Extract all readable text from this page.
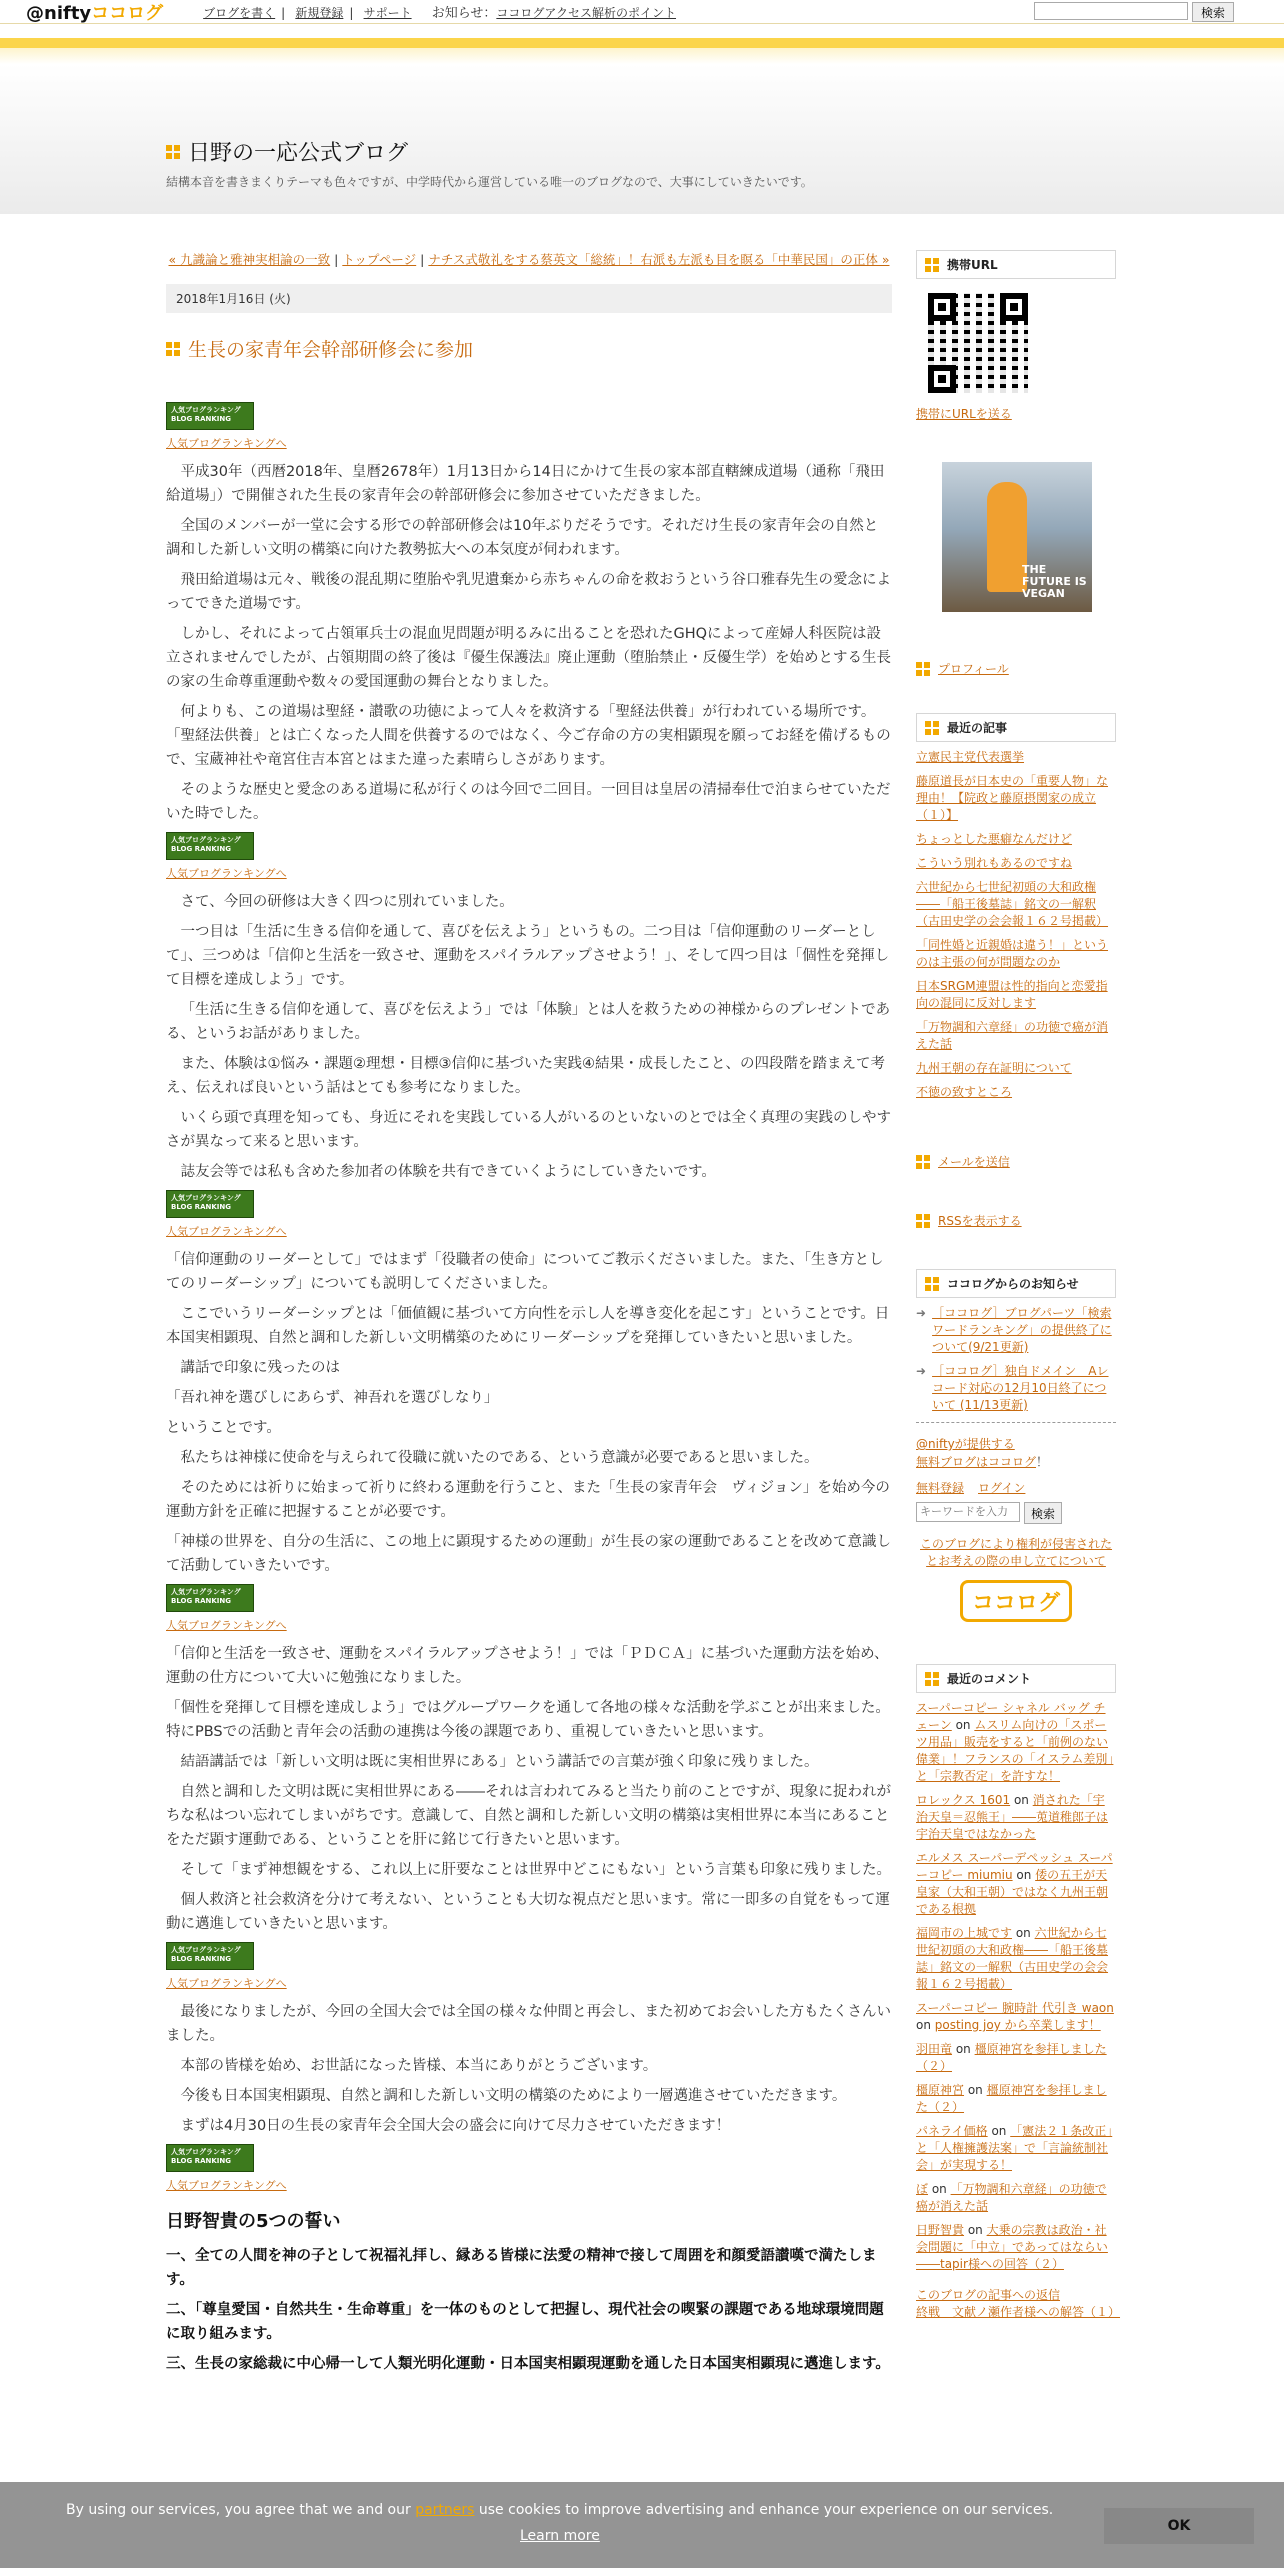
@niftyココログ	ブログを書く | 新規登録 | サポート お知らせ：ココログアクセス解析のポイント	検索
日野の一応公式ブログ
結構本音を書きまくりテーマも色々ですが、中学時代から運営している唯一のブログなので、大事にしていきたいです。
« 九識論と雅神実相論の一致 | トップページ | ナチス式敬礼をする蔡英文「総統」！右派も左派も目を瞑る「中華民国」の正体 »
2018年1月16日 (火)
生長の家青年会幹部研修会に参加
人気ブログランキング
BLOG RANKING
人気ブログランキングへ

平成30年（西暦2018年、皇暦2678年）1月13日から14日にかけて生長の家本部直轄練成道場（通称「飛田給道場」）で開催された生長の家青年会の幹部研修会に参加させていただきました。

全国のメンバーが一堂に会する形での幹部研修会は10年ぶりだそうです。それだけ生長の家青年会の自然と調和した新しい文明の構築に向けた教勢拡大への本気度が伺われます。

飛田給道場は元々、戦後の混乱期に堕胎や乳児遺棄から赤ちゃんの命を救おうという谷口雅春先生の愛念によってできた道場です。

しかし、それによって占領軍兵士の混血児問題が明るみに出ることを恐れたGHQによって産婦人科医院は設立されませんでしたが、占領期間の終了後は『優生保護法』廃止運動（堕胎禁止・反優生学）を始めとする生長の家の生命尊重運動や数々の愛国運動の舞台となりました。

何よりも、この道場は聖経・讃歌の功徳によって人々を救済する「聖経法供養」が行われている場所です。「聖経法供養」とは亡くなった人間を供養するのではなく、今ご存命の方の実相顕現を願ってお経を備げるもので、宝蔵神社や竜宮住吉本宮とはまた違った素晴らしさがあります。

そのような歴史と愛念のある道場に私が行くのは今回で二回目。一回目は皇居の清掃奉仕で泊まらせていただいた時でした。

人気ブログランキング
BLOG RANKING
人気ブログランキングへ

さて、今回の研修は大きく四つに別れていました。

一つ目は「生活に生きる信仰を通して、喜びを伝えよう」というもの。二つ目は「信仰運動のリーダーとして」、三つめは「信仰と生活を一致させ、運動をスパイラルアップさせよう！」、そして四つ目は「個性を発揮して目標を達成しよう」です。

「生活に生きる信仰を通して、喜びを伝えよう」では「体験」とは人を救うための神様からのプレゼントである、というお話がありました。

また、体験は①悩み・課題②理想・目標③信仰に基づいた実践④結果・成長したこと、の四段階を踏まえて考え、伝えれば良いという話はとても参考になりました。

いくら頭で真理を知っても、身近にそれを実践している人がいるのといないのとでは全く真理の実践のしやすさが異なって来ると思います。

誌友会等では私も含めた参加者の体験を共有できていくようにしていきたいです。

人気ブログランキング
BLOG RANKING
人気ブログランキングへ

「信仰運動のリーダーとして」ではまず「役職者の使命」についてご教示くださいました。また、「生き方としてのリーダーシップ」についても説明してくださいました。

ここでいうリーダーシップとは「価値観に基づいて方向性を示し人を導き変化を起こす」ということです。日本国実相顕現、自然と調和した新しい文明構築のためにリーダーシップを発揮していきたいと思いました。

講話で印象に残ったのは

「吾れ神を選びしにあらず、神吾れを選びしなり」

ということです。

私たちは神様に使命を与えられて役職に就いたのである、という意識が必要であると思いました。

そのためには祈りに始まって祈りに終わる運動を行うこと、また「生長の家青年会　ヴィジョン」を始め今の運動方針を正確に把握することが必要です。

「神様の世界を、自分の生活に、この地上に顕現するための運動」が生長の家の運動であることを改めて意識して活動していきたいです。

人気ブログランキング
BLOG RANKING
人気ブログランキングへ

「信仰と生活を一致させ、運動をスパイラルアップさせよう！」では「ＰＤＣＡ」に基づいた運動方法を始め、運動の仕方について大いに勉強になりました。

「個性を発揮して目標を達成しよう」ではグループワークを通して各地の様々な活動を学ぶことが出来ました。特にPBSでの活動と青年会の活動の連携は今後の課題であり、重視していきたいと思います。

結語講話では「新しい文明は既に実相世界にある」という講話での言葉が強く印象に残りました。

自然と調和した文明は既に実相世界にある――それは言われてみると当たり前のことですが、現象に捉われがちな私はつい忘れてしまいがちです。意識して、自然と調和した新しい文明の構築は実相世界に本当にあることをただ顕す運動である、ということを肝に銘じて行きたいと思います。

そして「まず神想観をする、これ以上に肝要なことは世界中どこにもない」という言葉も印象に残りました。

個人救済と社会救済を分けて考えない、ということも大切な視点だと思います。常に一即多の自覚をもって運動に邁進していきたいと思います。

人気ブログランキング
BLOG RANKING
人気ブログランキングへ

最後になりましたが、今回の全国大会では全国の様々な仲間と再会し、また初めてお会いした方もたくさんいました。

本部の皆様を始め、お世話になった皆様、本当にありがとうございます。

今後も日本国実相顕現、自然と調和した新しい文明の構築のためにより一層邁進させていただきます。

まずは4月30日の生長の家青年会全国大会の盛会に向けて尽力させていただきます！

人気ブログランキング
BLOG RANKING
人気ブログランキングへ
日野智貴の5つの誓い

一、全ての人間を神の子として祝福礼拝し、縁ある皆様に法愛の精神で接して周囲を和顔愛語讃嘆で満たします。

二、「尊皇愛国・自然共生・生命尊重」を一体のものとして把握し、現代社会の喫緊の課題である地球環境問題に取り組みます。

三、生長の家総裁に中心帰一して人類光明化運動・日本国実相顕現運動を通した日本国実相顕現に邁進します。

携帯URL
携帯にURLを送る
THE FUTURE IS VEGAN
プロフィール
最近の記事
立憲民主党代表選挙
藤原道長が日本史の「重要人物」な理由！【院政と藤原摂関家の成立（１）】
ちょっとした悪癖なんだけど
こういう別れもあるのですね
六世紀から七世紀初頭の大和政権――「船王後墓誌」銘文の一解釈（古田史学の会会報１６２号掲載）
「同性婚と近親婚は違う！」というのは主張の何が問題なのか
日本SRGM連盟は性的指向と恋愛指向の混同に反対します
「万物調和六章経」の功徳で癌が消えた話
九州王朝の存在証明について
不徳の致すところ
メールを送信
RSSを表示する
ココログからのお知らせ
➜ ［ココログ］ブログパーツ「検索ワードランキング」の提供終了について(9/21更新)
➜ ［ココログ］独自ドメイン　Aレコード対応の12月10日終了について (11/13更新)
@niftyが提供する
無料ブログはココログ！
無料登録 ログイン
キーワードを入力
検索
このブログにより権利が侵害されたとお考えの際の申し立てについて
ココログ
最近のコメント
スーパーコピー シャネル バッグ チェーン on ムスリム向けの「スポーツ用品」販売をすると「前例のない偉業」！フランスの「イスラム差別」と「宗教否定」を許すな！
ロレックス 1601 on 消された「宇治天皇＝忍熊王」――莵道稚郎子は宇治天皇ではなかった
エルメス スーパーデペッシュ スーパーコピー miumiu on 倭の五王が天皇家（大和王朝）ではなく九州王朝である根拠
福岡市の上城です on 六世紀から七世紀初頭の大和政権――「船王後墓誌」銘文の一解釈（古田史学の会会報１６２号掲載）
スーパーコピー 腕時計 代引き waon on posting joy から卒業します！
羽田竜 on 橿原神宮を参拝しました（２）
橿原神宮 on 橿原神宮を参拝しました（２）
パネライ価格 on 「憲法２１条改正」と「人権擁護法案」で「言論統制社会」が実現する！
ぼ on 「万物調和六章経」の功徳で癌が消えた話
日野智貴 on 大乗の宗教は政治・社会問題に「中立」であってはならい――tapir様への回答（２）
このブログの記事への返信
終戦　文献ノ瀬作者様への解答（１）
By using our services, you agree that we and our partners use cookies to improve advertising and enhance your experience on our services.
Learn more
OK
